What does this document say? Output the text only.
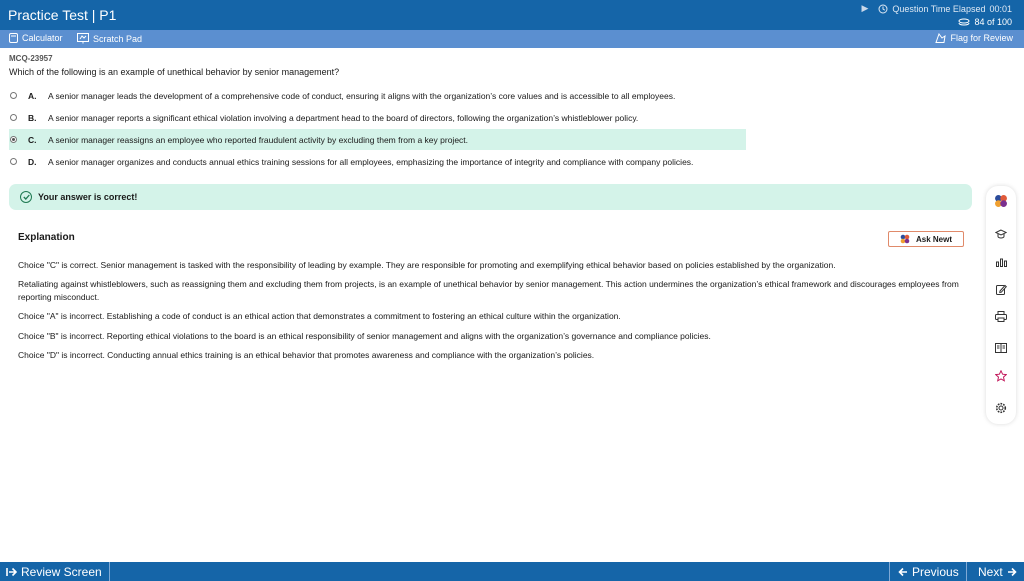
Practice Test | P1	▶	Question Time Elapsed 00:01
84 of 100
Calculator	Scratch Pad	Flag for Review
MCQ-23957
Which of the following is an example of unethical behavior by senior management?
A.	A senior manager leads the development of a comprehensive code of conduct, ensuring it aligns with the organization’s core values and is accessible to all employees.
B.	A senior manager reports a significant ethical violation involving a department head to the board of directors, following the organization’s whistleblower policy.
C.	A senior manager reassigns an employee who reported fraudulent activity by excluding them from a key project.
D.	A senior manager organizes and conducts annual ethics training sessions for all employees, emphasizing the importance of integrity and compliance with company policies.
Your answer is correct!
Explanation
Choice "C" is correct. Senior management is tasked with the responsibility of leading by example. They are responsible for promoting and exemplifying ethical behavior based on policies established by the organization.
Retaliating against whistleblowers, such as reassigning them and excluding them from projects, is an example of unethical behavior by senior management. This action undermines the organization’s ethical framework and discourages employees from reporting misconduct.
Choice "A" is incorrect. Establishing a code of conduct is an ethical action that demonstrates a commitment to fostering an ethical culture within the organization.
Choice "B" is incorrect. Reporting ethical violations to the board is an ethical responsibility of senior management and aligns with the organization’s governance and compliance policies.
Choice "D" is incorrect. Conducting annual ethics training is an ethical behavior that promotes awareness and compliance with the organization’s policies.
Ask Newt
Review Screen	Previous Next
